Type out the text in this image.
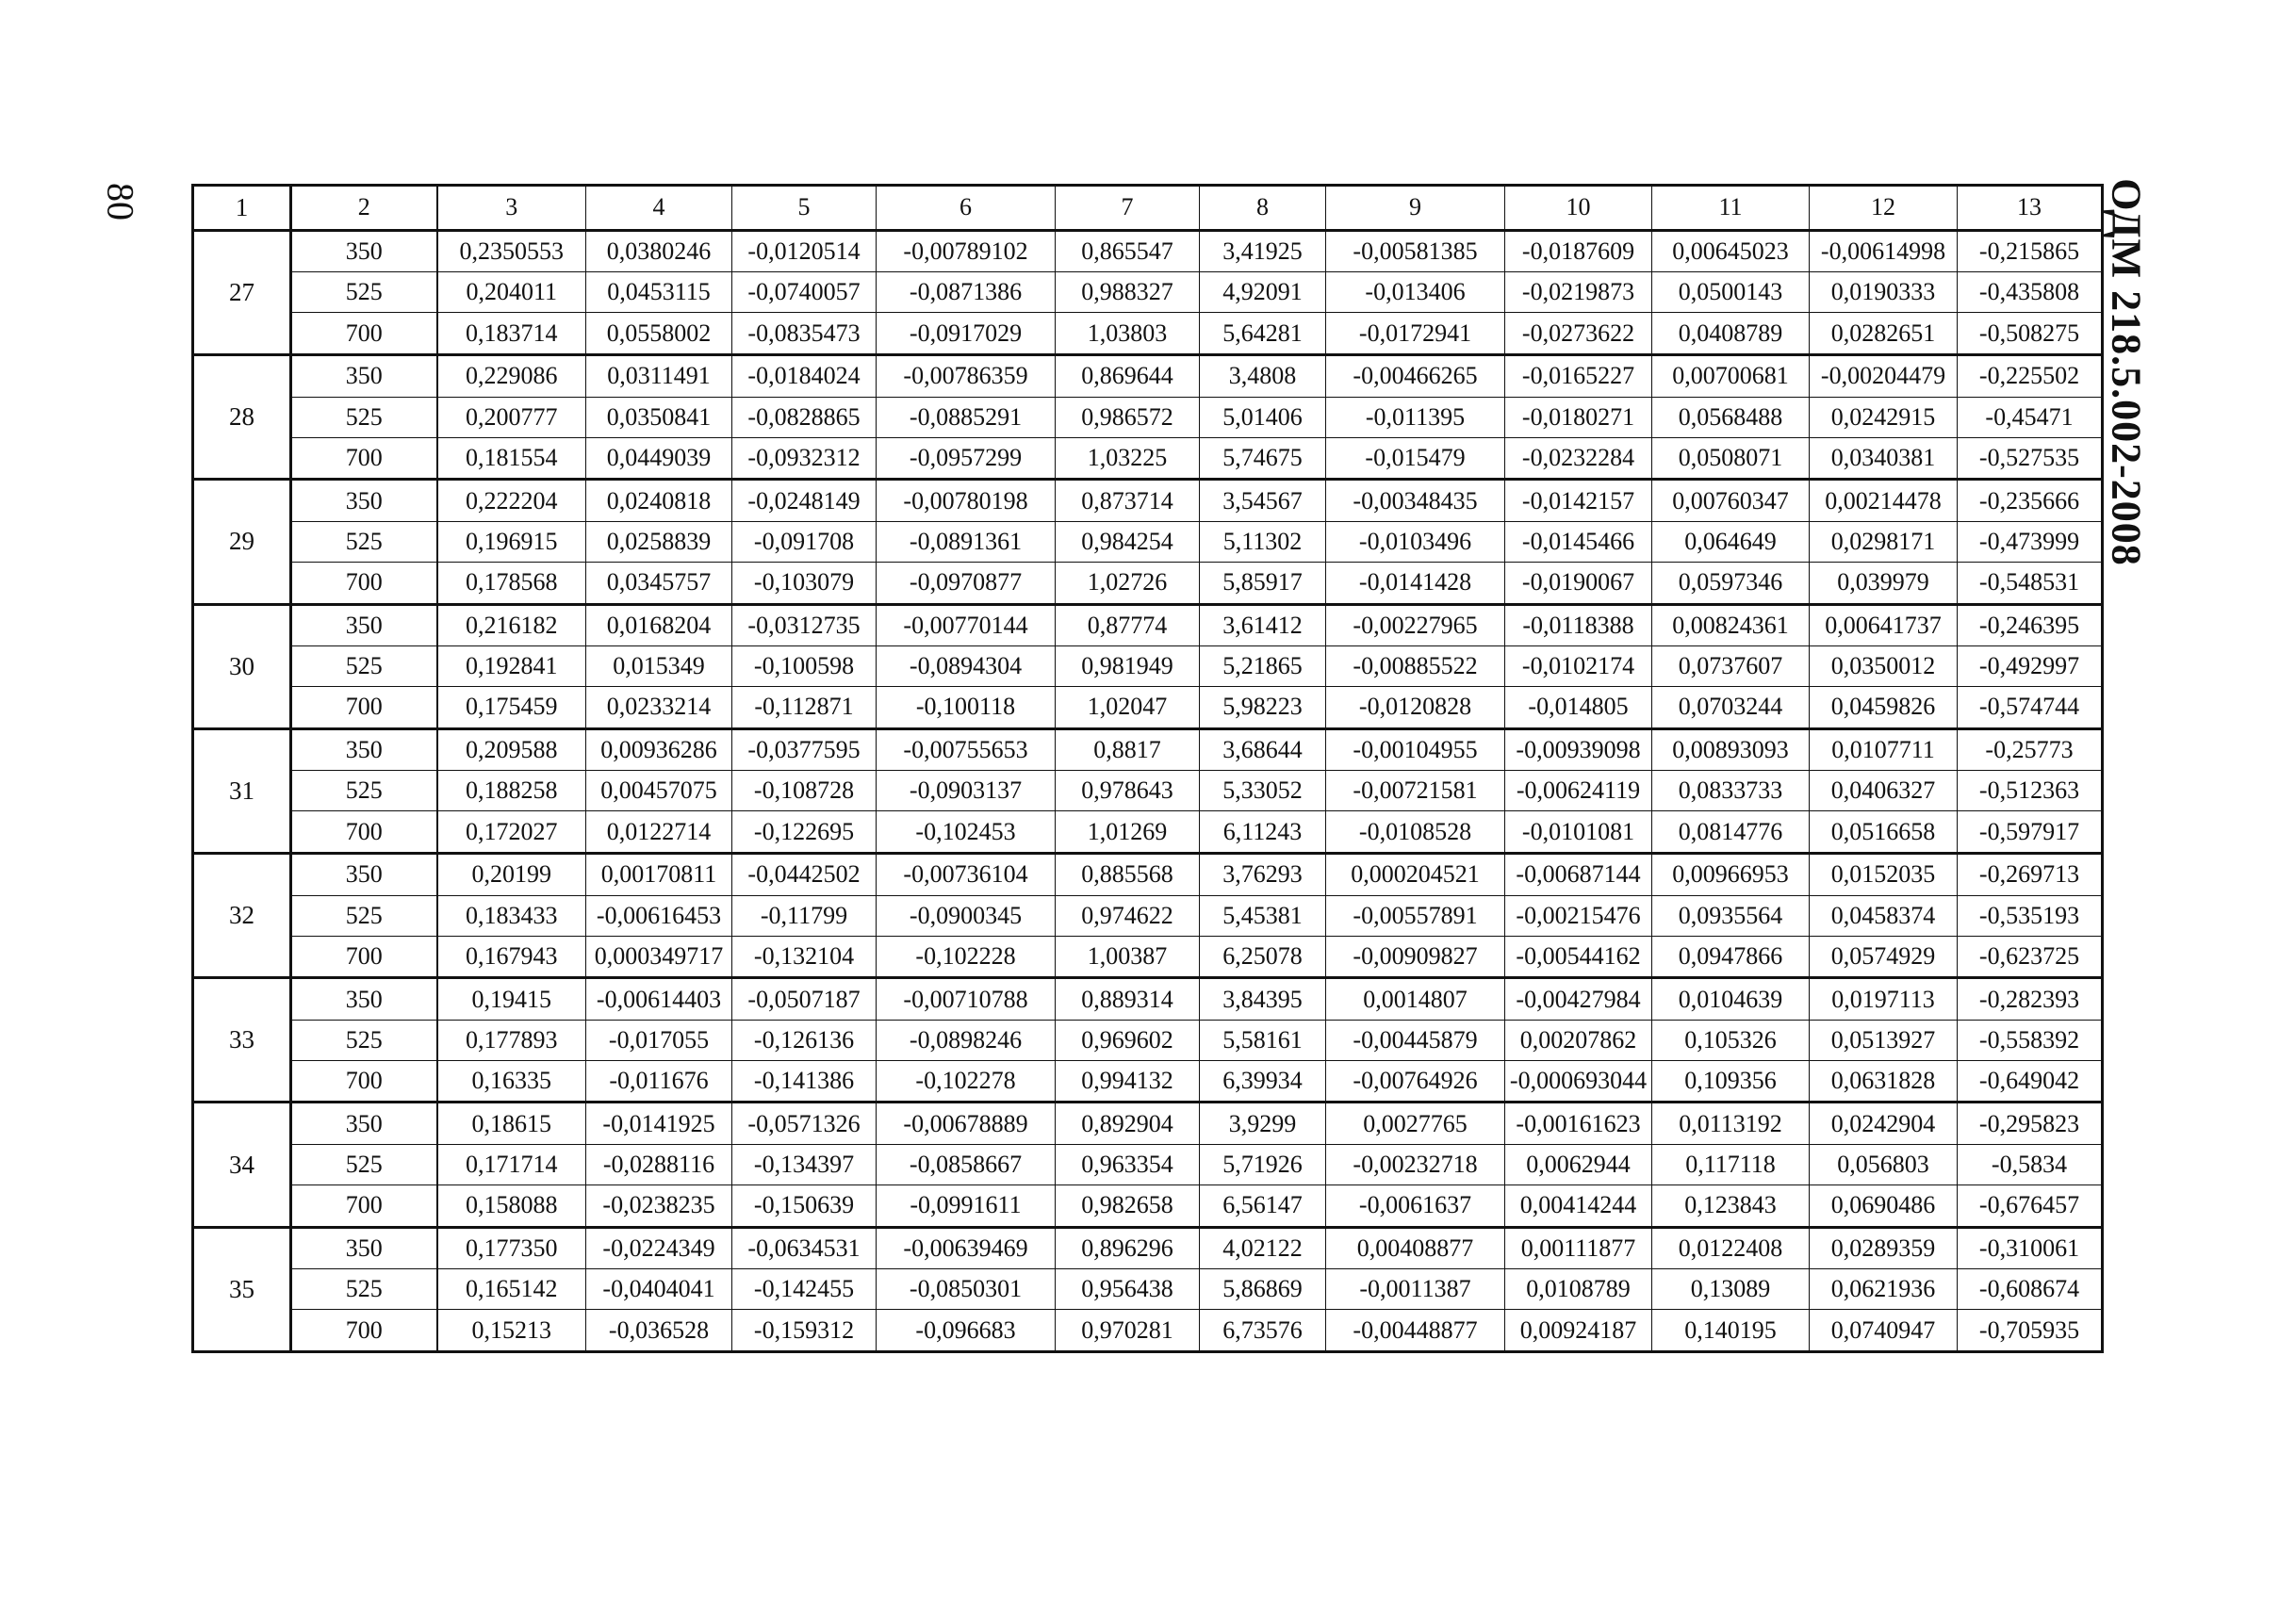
80	ОДМ 218.5.002-2008
1	2	3	4	5	6	7	8	9	10	11	12	13
27	350	0,2350553	0,0380246	-0,0120514	-0,00789102	0,865547	3,41925	-0,00581385	-0,0187609	0,00645023	-0,00614998	-0,215865
	525	0,204011	0,0453115	-0,0740057	-0,0871386	0,988327	4,92091	-0,013406	-0,0219873	0,0500143	0,0190333	-0,435808
	700	0,183714	0,0558002	-0,0835473	-0,0917029	1,03803	5,64281	-0,0172941	-0,0273622	0,0408789	0,0282651	-0,508275
28	350	0,229086	0,0311491	-0,0184024	-0,00786359	0,869644	3,4808	-0,00466265	-0,0165227	0,00700681	-0,00204479	-0,225502
	525	0,200777	0,0350841	-0,0828865	-0,0885291	0,986572	5,01406	-0,011395	-0,0180271	0,0568488	0,0242915	-0,45471
	700	0,181554	0,0449039	-0,0932312	-0,0957299	1,03225	5,74675	-0,015479	-0,0232284	0,0508071	0,0340381	-0,527535
29	350	0,222204	0,0240818	-0,0248149	-0,00780198	0,873714	3,54567	-0,00348435	-0,0142157	0,00760347	0,00214478	-0,235666
	525	0,196915	0,0258839	-0,091708	-0,0891361	0,984254	5,11302	-0,0103496	-0,0145466	0,064649	0,0298171	-0,473999
	700	0,178568	0,0345757	-0,103079	-0,0970877	1,02726	5,85917	-0,0141428	-0,0190067	0,0597346	0,039979	-0,548531
30	350	0,216182	0,0168204	-0,0312735	-0,00770144	0,87774	3,61412	-0,00227965	-0,0118388	0,00824361	0,00641737	-0,246395
	525	0,192841	0,015349	-0,100598	-0,0894304	0,981949	5,21865	-0,00885522	-0,0102174	0,0737607	0,0350012	-0,492997
	700	0,175459	0,0233214	-0,112871	-0,100118	1,02047	5,98223	-0,0120828	-0,014805	0,0703244	0,0459826	-0,574744
31	350	0,209588	0,00936286	-0,0377595	-0,00755653	0,8817	3,68644	-0,00104955	-0,00939098	0,00893093	0,0107711	-0,25773
	525	0,188258	0,00457075	-0,108728	-0,0903137	0,978643	5,33052	-0,00721581	-0,00624119	0,0833733	0,0406327	-0,512363
	700	0,172027	0,0122714	-0,122695	-0,102453	1,01269	6,11243	-0,0108528	-0,0101081	0,0814776	0,0516658	-0,597917
32	350	0,20199	0,00170811	-0,0442502	-0,00736104	0,885568	3,76293	0,000204521	-0,00687144	0,00966953	0,0152035	-0,269713
	525	0,183433	-0,00616453	-0,11799	-0,0900345	0,974622	5,45381	-0,00557891	-0,00215476	0,0935564	0,0458374	-0,535193
	700	0,167943	0,000349717	-0,132104	-0,102228	1,00387	6,25078	-0,00909827	-0,00544162	0,0947866	0,0574929	-0,623725
33	350	0,19415	-0,00614403	-0,0507187	-0,00710788	0,889314	3,84395	0,0014807	-0,00427984	0,0104639	0,0197113	-0,282393
	525	0,177893	-0,017055	-0,126136	-0,0898246	0,969602	5,58161	-0,00445879	0,00207862	0,105326	0,0513927	-0,558392
	700	0,16335	-0,011676	-0,141386	-0,102278	0,994132	6,39934	-0,00764926	-0,000693044	0,109356	0,0631828	-0,649042
34	350	0,18615	-0,0141925	-0,0571326	-0,00678889	0,892904	3,9299	0,0027765	-0,00161623	0,0113192	0,0242904	-0,295823
	525	0,171714	-0,0288116	-0,134397	-0,0858667	0,963354	5,71926	-0,00232718	0,0062944	0,117118	0,056803	-0,5834
	700	0,158088	-0,0238235	-0,150639	-0,0991611	0,982658	6,56147	-0,0061637	0,00414244	0,123843	0,0690486	-0,676457
35	350	0,177350	-0,0224349	-0,0634531	-0,00639469	0,896296	4,02122	0,00408877	0,00111877	0,0122408	0,0289359	-0,310061
	525	0,165142	-0,0404041	-0,142455	-0,0850301	0,956438	5,86869	-0,0011387	0,0108789	0,13089	0,0621936	-0,608674
	700	0,15213	-0,036528	-0,159312	-0,096683	0,970281	6,73576	-0,00448877	0,00924187	0,140195	0,0740947	-0,705935
